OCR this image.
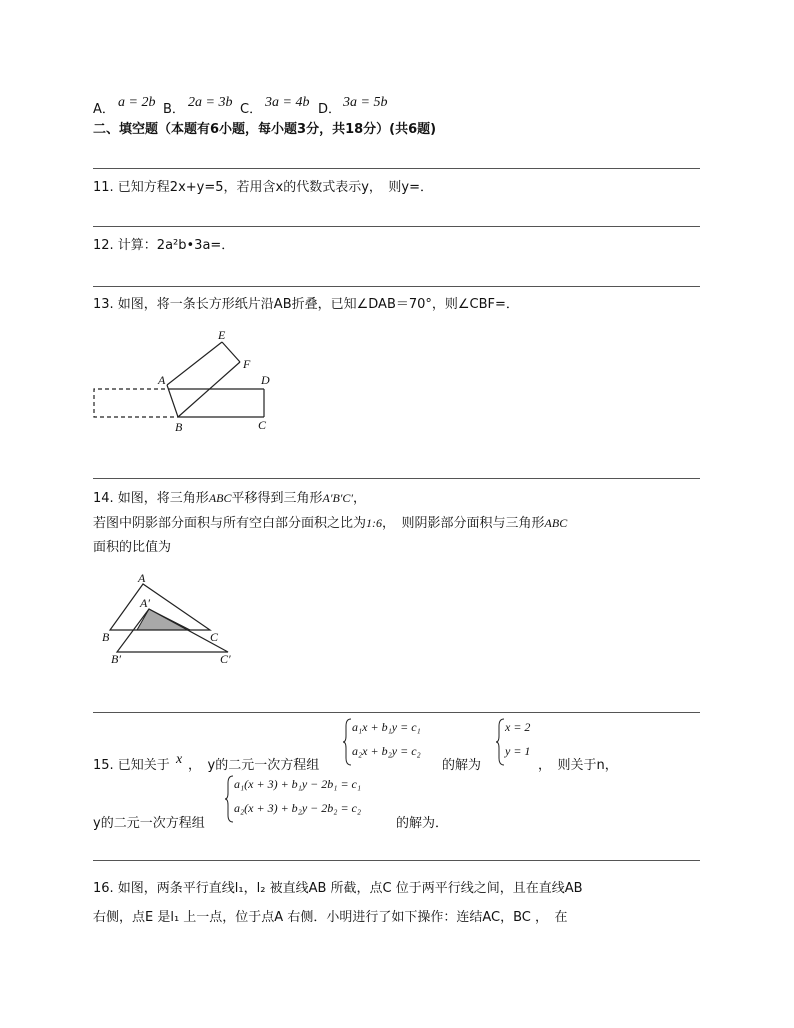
A． a = 2b B． 2a = 3b C． 3a = 4b D． 3a = 5b
二、填空题（本题有6小题，每小题3分，共18分）(共6题)
11. 已知方程2x+y=5，若用含x的代数式表示y，　则y=．
12. 计算：2a²b•3a=．
13. 如图，将一条长方形纸片沿AB折叠，已知∠DAB＝70°，则∠CBF=．
E
F
A	D
B	C
14. 如图，将三角形ABC平移得到三角形A′B′C′，
若图中阴影部分面积与所有空白部分面积之比为1:6，　则阴影部分面积与三角形ABC
面积的比值为
A
A′
B	C
B′	C′
a₁x + b₁y = c₁
a₂x + b₂y = c₂
x = 2
y = 1
15. 已知关于 x ，　y的二元一次方程组	的解为	，　则关于n，
a₁(x + 3) + b₁y − 2b₁ = c₁
a₂(x + 3) + b₂y − 2b₂ = c₂
y的二元一次方程组	的解为．
16. 如图，两条平行直线l₁，l₂ 被直线AB 所截，点C 位于两平行线之间，且在直线AB
右侧，点E 是l₁ 上一点，位于点A 右侧．小明进行了如下操作：连结AC，BC ，　在
